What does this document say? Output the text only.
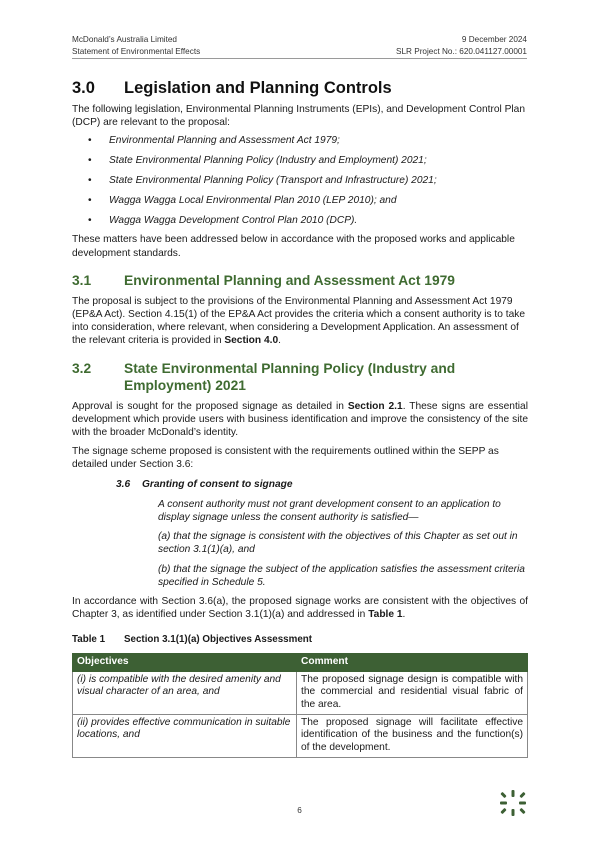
McDonald’s Australia Limited
Statement of Environmental Effects
9 December 2024
SLR Project No.: 620.041127.00001
3.0	Legislation and Planning Controls

The following legislation, Environmental Planning Instruments (EPIs), and Development Control Plan (DCP) are relevant to the proposal:

• Environmental Planning and Assessment Act 1979;
• State Environmental Planning Policy (Industry and Employment) 2021;
• State Environmental Planning Policy (Transport and Infrastructure) 2021;
• Wagga Wagga Local Environmental Plan 2010 (LEP 2010); and
• Wagga Wagga Development Control Plan 2010 (DCP).

These matters have been addressed below in accordance with the proposed works and applicable development standards.

3.1	Environmental Planning and Assessment Act 1979

The proposal is subject to the provisions of the Environmental Planning and Assessment Act 1979 (EP&A Act). Section 4.15(1) of the EP&A Act provides the criteria which a consent authority is to take into consideration, where relevant, when considering a Development Application. An assessment of the relevant criteria is provided in Section 4.0.

3.2	State Environmental Planning Policy (Industry and
Employment) 2021

Approval is sought for the proposed signage as detailed in Section 2.1. These signs are essential development which provide users with business identification and improve the consistency of the site with the broader McDonald’s identity.

The signage scheme proposed is consistent with the requirements outlined within the SEPP as detailed under Section 3.6:

3.6 Granting of consent to signage

A consent authority must not grant development consent to an application to display signage unless the consent authority is satisfied—

(a) that the signage is consistent with the objectives of this Chapter as set out in section 3.1(1)(a), and

(b) that the signage the subject of the application satisfies the assessment criteria specified in Schedule 5.

In accordance with Section 3.6(a), the proposed signage works are consistent with the objectives of Chapter 3, as identified under Section 3.1(1)(a) and addressed in Table 1.

Table 1	Section 3.1(1)(a) Objectives Assessment
Objectives	Comment
(i) is compatible with the desired amenity and visual character of an area, and	The proposed signage design is compatible with the commercial and residential visual fabric of the area.
(ii) provides effective communication in suitable locations, and	The proposed signage will facilitate effective identification of the business and the function(s) of the development.
6
